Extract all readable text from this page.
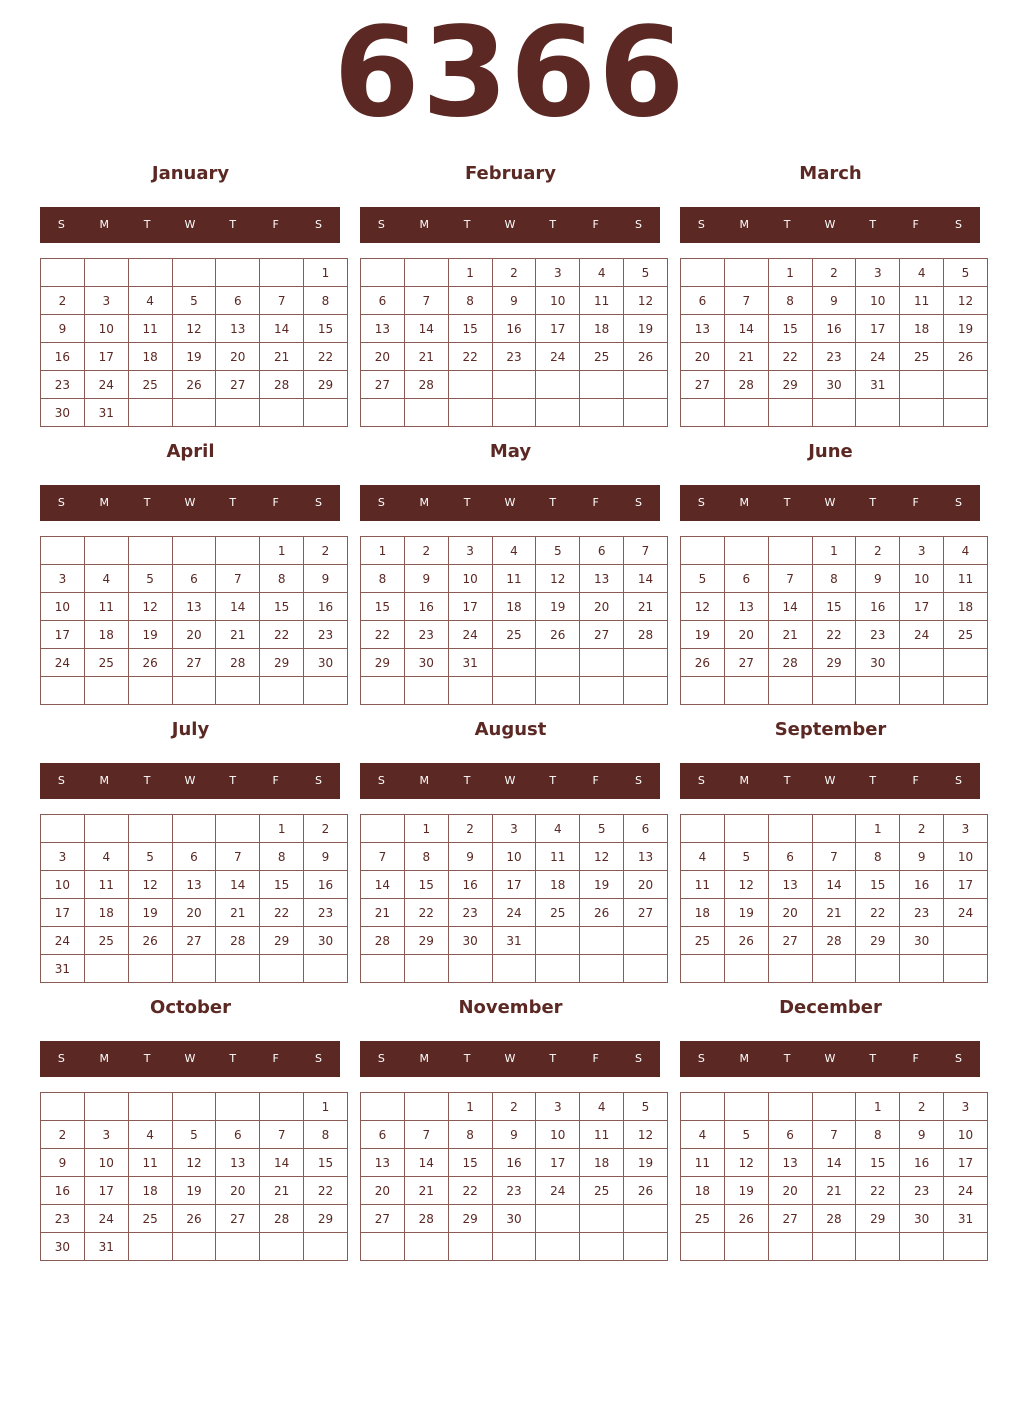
6366
January
S	M	T	W	T	F	S
						1
2	3	4	5	6	7	8
9	10	11	12	13	14	15
16	17	18	19	20	21	22
23	24	25	26	27	28	29
30	31					
February
S	M	T	W	T	F	S
		1	2	3	4	5
6	7	8	9	10	11	12
13	14	15	16	17	18	19
20	21	22	23	24	25	26
27	28					

March
S	M	T	W	T	F	S
		1	2	3	4	5
6	7	8	9	10	11	12
13	14	15	16	17	18	19
20	21	22	23	24	25	26
27	28	29	30	31		

April
S	M	T	W	T	F	S
					1	2
3	4	5	6	7	8	9
10	11	12	13	14	15	16
17	18	19	20	21	22	23
24	25	26	27	28	29	30

May
S	M	T	W	T	F	S
1	2	3	4	5	6	7
8	9	10	11	12	13	14
15	16	17	18	19	20	21
22	23	24	25	26	27	28
29	30	31				

June
S	M	T	W	T	F	S
			1	2	3	4
5	6	7	8	9	10	11
12	13	14	15	16	17	18
19	20	21	22	23	24	25
26	27	28	29	30		

July
S	M	T	W	T	F	S
					1	2
3	4	5	6	7	8	9
10	11	12	13	14	15	16
17	18	19	20	21	22	23
24	25	26	27	28	29	30
31						
August
S	M	T	W	T	F	S
	1	2	3	4	5	6
7	8	9	10	11	12	13
14	15	16	17	18	19	20
21	22	23	24	25	26	27
28	29	30	31			

September
S	M	T	W	T	F	S
				1	2	3
4	5	6	7	8	9	10
11	12	13	14	15	16	17
18	19	20	21	22	23	24
25	26	27	28	29	30	

October
S	M	T	W	T	F	S
						1
2	3	4	5	6	7	8
9	10	11	12	13	14	15
16	17	18	19	20	21	22
23	24	25	26	27	28	29
30	31					
November
S	M	T	W	T	F	S
		1	2	3	4	5
6	7	8	9	10	11	12
13	14	15	16	17	18	19
20	21	22	23	24	25	26
27	28	29	30			

December
S	M	T	W	T	F	S
				1	2	3
4	5	6	7	8	9	10
11	12	13	14	15	16	17
18	19	20	21	22	23	24
25	26	27	28	29	30	31
